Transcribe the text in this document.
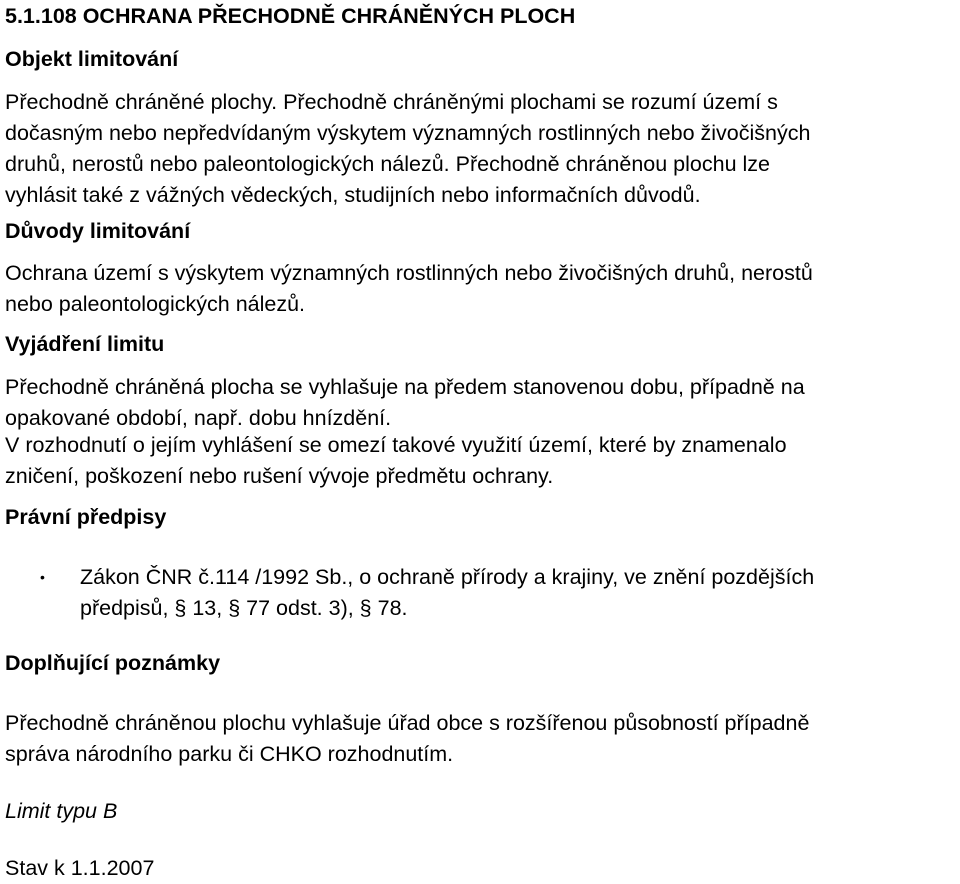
5.1.108 OCHRANA PŘECHODNĚ CHRÁNĚNÝCH PLOCH
Objekt limitování
Přechodně chráněné plochy. Přechodně chráněnými plochami se rozumí území s
dočasným nebo nepředvídaným výskytem významných rostlinných nebo živočišných
druhů, nerostů nebo paleontologických nálezů. Přechodně chráněnou plochu lze
vyhlásit také z vážných vědeckých, studijních nebo informačních důvodů.
Důvody limitování
Ochrana území s výskytem významných rostlinných nebo živočišných druhů, nerostů
nebo paleontologických nálezů.
Vyjádření limitu
Přechodně chráněná plocha se vyhlašuje na předem stanovenou dobu, případně na
opakované období, např. dobu hnízdění.
V rozhodnutí o jejím vyhlášení se omezí takové využití území, které by znamenalo
zničení, poškození nebo rušení vývoje předmětu ochrany.
Právní předpisy
• Zákon ČNR č.114 /1992 Sb., o ochraně přírody a krajiny, ve znění pozdějších
předpisů, § 13, § 77 odst. 3), § 78.
Doplňující poznámky
Přechodně chráněnou plochu vyhlašuje úřad obce s rozšířenou působností případně
správa národního parku či CHKO rozhodnutím.
Limit typu B
Stav k 1.1.2007
